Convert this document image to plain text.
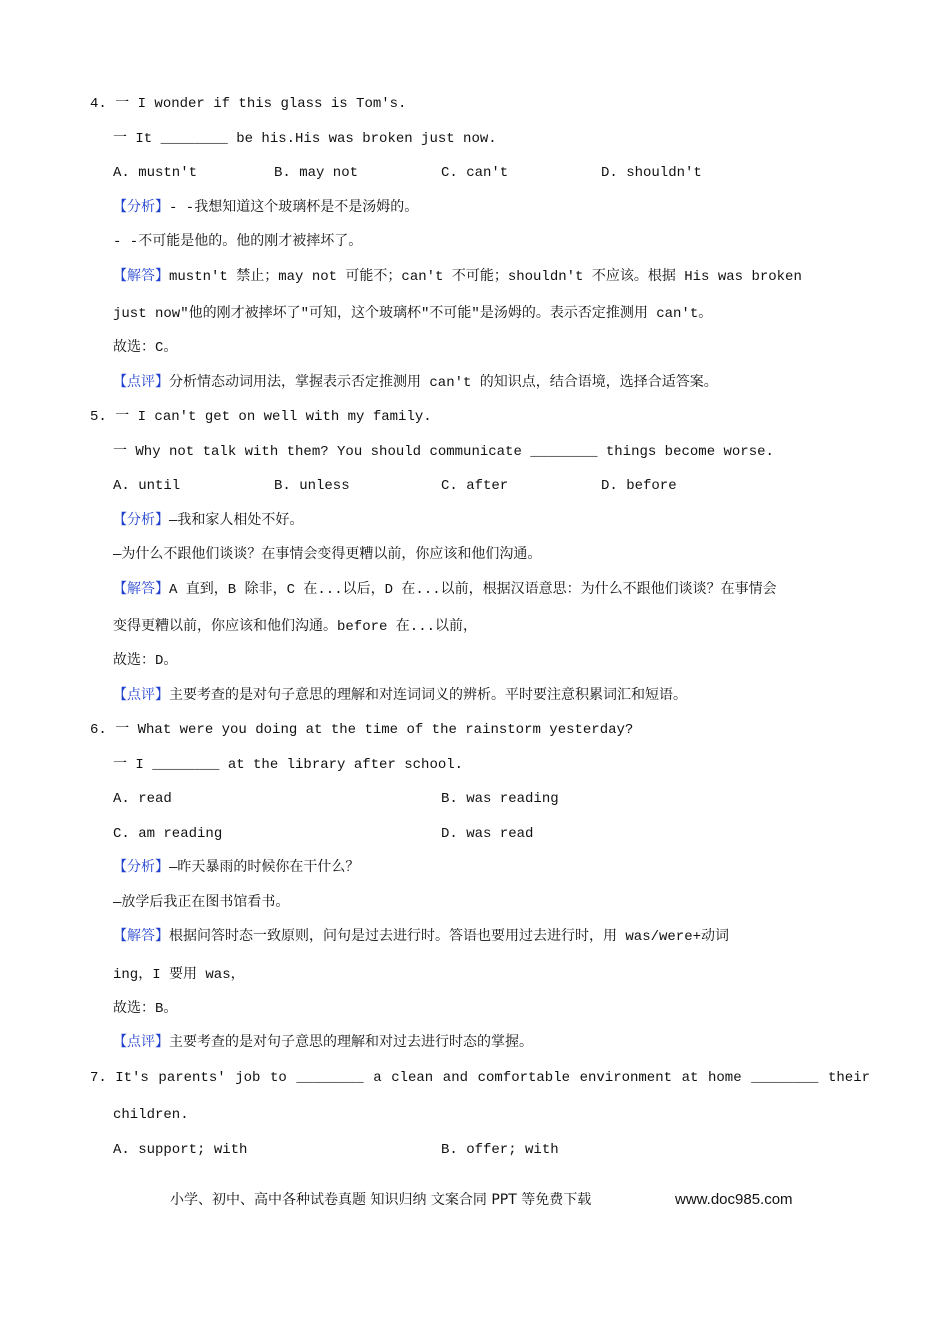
4. 一 I wonder if this glass is Tom's.
一 It ________ be his.His was broken just now.
A. mustn't	B. may not	C. can't	D. shouldn't
【分析】- -我想知道这个玻璃杯是不是汤姆的。
- -不可能是他的。他的刚才被摔坏了。
【解答】mustn't 禁止；may not 可能不；can't 不可能；shouldn't 不应该。根据 His was broken
just now"他的刚才被摔坏了"可知，这个玻璃杯"不可能"是汤姆的。表示否定推测用 can't。
故选：C。
【点评】分析情态动词用法，掌握表示否定推测用 can't 的知识点，结合语境，选择合适答案。
5. 一 I can't get on well with my family.
一 Why not talk with them? You should communicate ________ things become worse.
A. until	B. unless	C. after	D. before
【分析】—我和家人相处不好。
—为什么不跟他们谈谈？在事情会变得更糟以前，你应该和他们沟通。
【解答】A 直到，B 除非，C 在...以后，D 在...以前，根据汉语意思：为什么不跟他们谈谈？在事情会
变得更糟以前，你应该和他们沟通。before 在...以前，
故选：D。
【点评】主要考查的是对句子意思的理解和对连词词义的辨析。平时要注意积累词汇和短语。
6. 一 What were you doing at the time of the rainstorm yesterday?
一 I ________ at the library after school.
A. read	B. was reading
C. am reading	D. was read
【分析】—昨天暴雨的时候你在干什么？
—放学后我正在图书馆看书。
【解答】根据问答时态一致原则，问句是过去进行时。答语也要用过去进行时，用 was/were+动词
ing，I 要用 was，
故选：B。
【点评】主要考查的是对句子意思的理解和对过去进行时态的掌握。
7.
It's parents' job to ________ a clean and comfortable environment at home ________ their
children.
A. support; with	B. offer; with
小学、初中、高中各种试卷真题 知识归纳 文案合同 PPT 等免费下载	www.doc985.com
